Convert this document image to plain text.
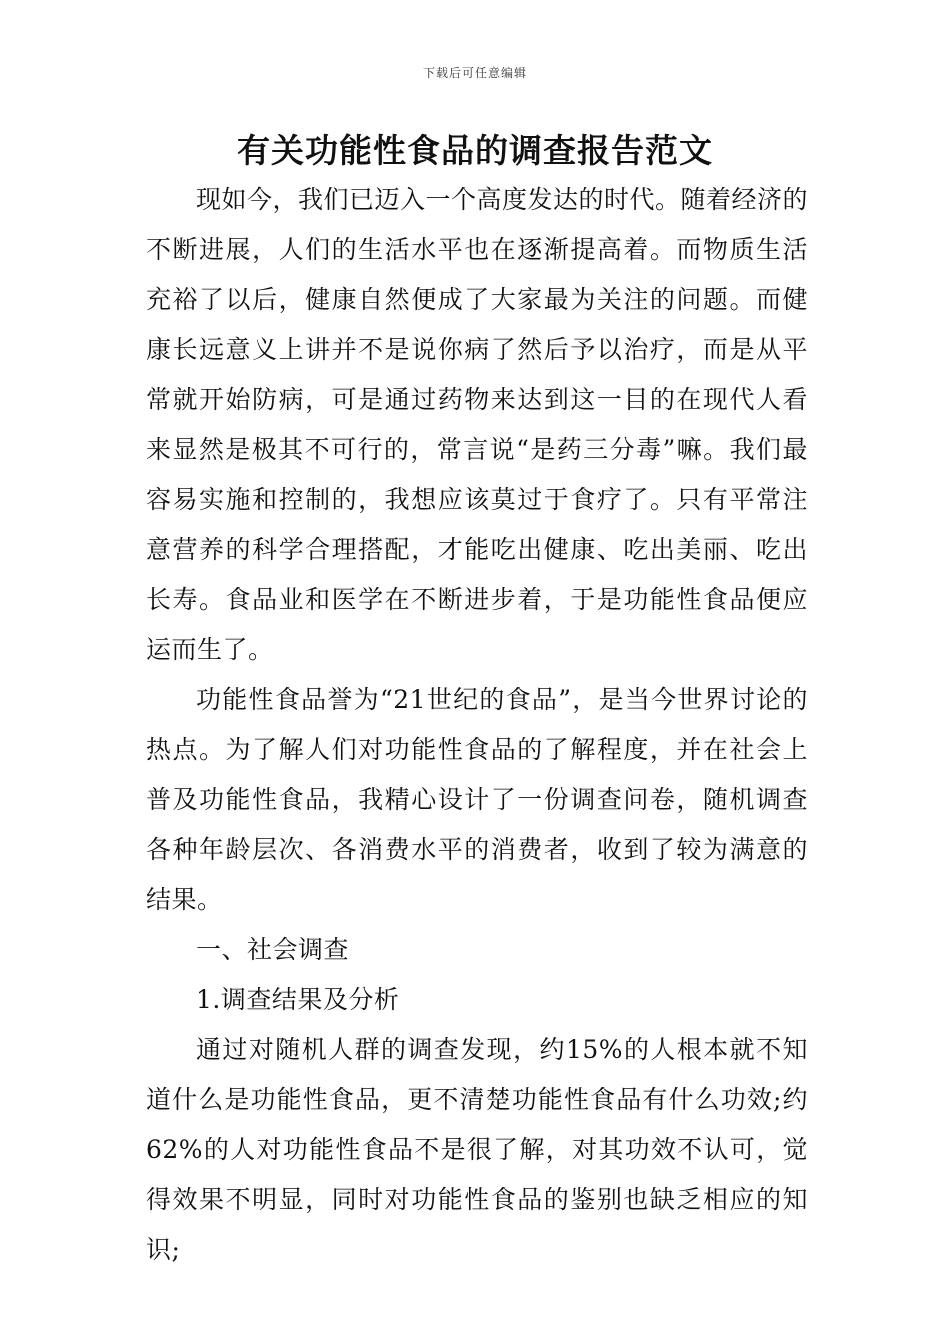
下载后可任意编辑
有关功能性食品的调查报告范文

现如今，我们已迈入一个高度发达的时代。随着经济的不断进展，人们的生活水平也在逐渐提高着。而物质生活充裕了以后，健康自然便成了大家最为关注的问题。而健康长远意义上讲并不是说你病了然后予以治疗，而是从平常就开始防病，可是通过药物来达到这一目的在现代人看来显然是极其不可行的，常言说“是药三分毒”嘛。我们最容易实施和控制的，我想应该莫过于食疗了。只有平常注意营养的科学合理搭配，才能吃出健康、吃出美丽、吃出长寿。食品业和医学在不断进步着，于是功能性食品便应运而生了。

功能性食品誉为“21世纪的食品”，是当今世界讨论的热点。为了解人们对功能性食品的了解程度，并在社会上普及功能性食品，我精心设计了一份调查问卷，随机调查各种年龄层次、各消费水平的消费者，收到了较为满意的结果。

一、社会调查

1.调查结果及分析

通过对随机人群的调查发现，约15%的人根本就不知道什么是功能性食品，更不清楚功能性食品有什么功效;约62%的人对功能性食品不是很了解，对其功效不认可，觉得效果不明显，同时对功能性食品的鉴别也缺乏相应的知识;
